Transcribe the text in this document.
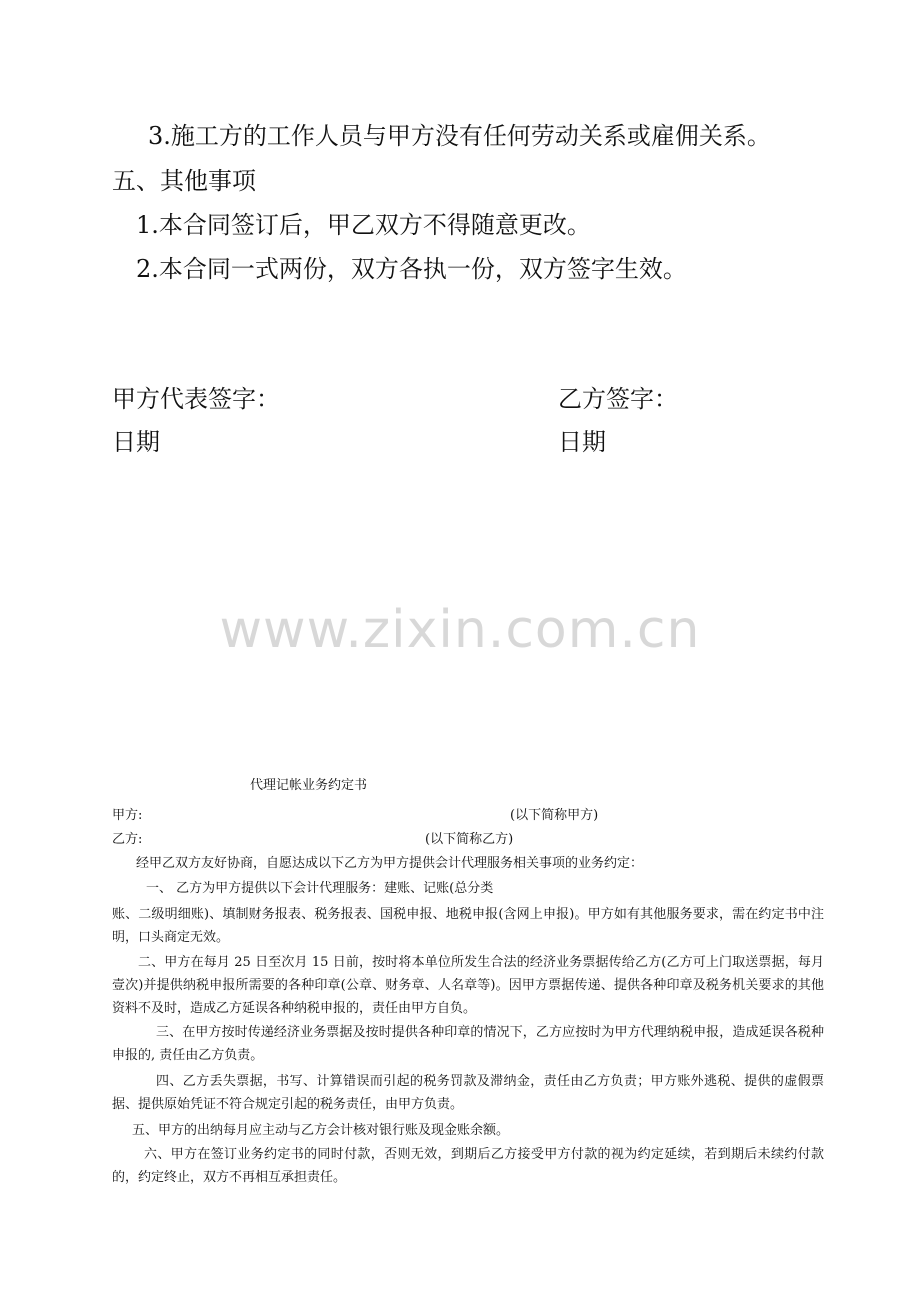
3.施工方的工作人员与甲方没有任何劳动关系或雇佣关系。
五、其他事项
1.本合同签订后，甲乙双方不得随意更改。
2.本合同一式两份，双方各执一份，双方签字生效。
甲方代表签字：	乙方签字：
日期	日期
www.zixin.com.cn
代理记帐业务约定书
甲方:	(以下简称甲方)
乙方:	(以下简称乙方)
经甲乙双方友好协商，自愿达成以下乙方为甲方提供会计代理服务相关事项的业务约定：
一、 乙方为甲方提供以下会计代理服务：建账、记账(总分类
账、二级明细账)、填制财务报表、税务报表、国税申报、地税申报(含网上申报)。甲方如有其他服务要求，需在约定书中注明，口头商定无效。
二、甲方在每月 25 日至次月 15 日前，按时将本单位所发生合法的经济业务票据传给乙方(乙方可上门取送票据，每月壹次)并提供纳税申报所需要的各种印章(公章、财务章、人名章等)。因甲方票据传递、提供各种印章及税务机关要求的其他资料不及时，造成乙方延误各种纳税申报的，责任由甲方自负。
三、在甲方按时传递经济业务票据及按时提供各种印章的情况下，乙方应按时为甲方代理纳税申报，造成延误各税种申报的, 责任由乙方负责。
四、乙方丢失票据，书写、计算错误而引起的税务罚款及滞纳金，责任由乙方负责；甲方账外逃税、提供的虚假票据、提供原始凭证不符合规定引起的税务责任，由甲方负责。
五、甲方的出纳每月应主动与乙方会计核对银行账及现金账余额。
六、甲方在签订业务约定书的同时付款，否则无效，到期后乙方接受甲方付款的视为约定延续，若到期后未续约付款的，约定终止，双方不再相互承担责任。
